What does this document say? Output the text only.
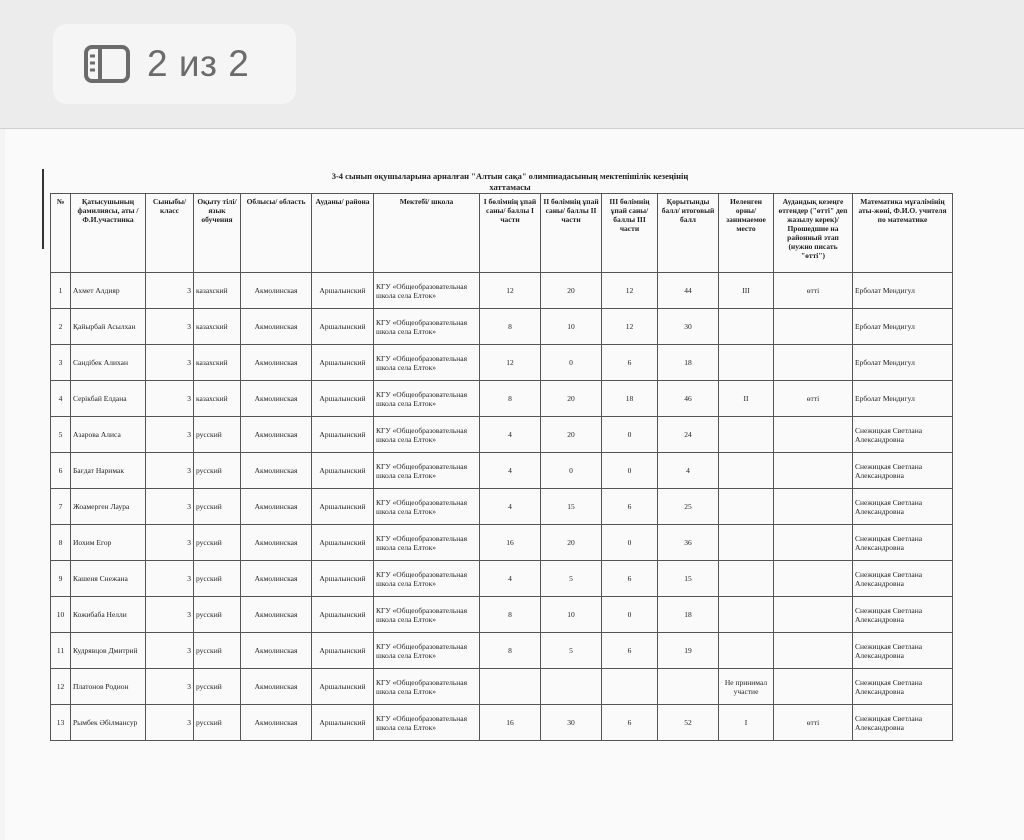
2 из 2
3-4 сынып оқушыларына арналған "Алтын сақа" олимпиадасының мектепішілік кезеңінің
хаттамасы
№	Қатысушының фамилиясы, аты /Ф.И.участника	Сыныбы/класс	Оқыту тілі/ язык обучения	Облысы/ область	Ауданы/ района	Мектебі/ школа	I бөлімнің ұпай саны/ баллы I части	II бөлімнің ұпай саны/ баллы II части	III бөлімнің ұпай саны/ баллы III части	Қорытынды балл/ итоговый балл	Иеленген орны/ занимаемое место	Аудандық кезеңге өтгендер ("өтті" деп жазылу керек)/ Прошедшие на районный этап (нужно писать "өтті")	Математика мұғалімінің аты-жөні, Ф.И.О. учителя по математике
1	Ахмет Алдияр	3	казахский	Акмолинская	Аршалынский	КГУ «Общеобразовательная школа села Елток»	12	20	12	44	III	өтті	Ерболат Мендигул
2	Қайырбай Асылхан	3	казахский	Акмолинская	Аршалынский	КГУ «Общеобразовательная школа села Елток»	8	10	12	30			Ерболат Мендигул
3	Сандібек Алихан	3	казахский	Акмолинская	Аршалынский	КГУ «Общеобразовательная школа села Елток»	12	0	6	18			Ерболат Мендигул
4	Серікбай Елдана	3	казахский	Акмолинская	Аршалынский	КГУ «Общеобразовательная школа села Елток»	8	20	18	46	II	өтті	Ерболат Мендигул
5	Азарова Алиса	3	русский	Акмолинская	Аршалынский	КГУ «Общеобразовательная школа села Елток»	4	20	0	24			Снежицкая Светлана Александровна
6	Бағдат Наримак	3	русский	Акмолинская	Аршалынский	КГУ «Общеобразовательная школа села Елток»	4	0	0	4			Снежицкая Светлана Александровна
7	Жоамерген Лаура	3	русский	Акмолинская	Аршалынский	КГУ «Общеобразовательная школа села Елток»	4	15	6	25			Снежицкая Светлана Александровна
8	Иохим Егор	3	русский	Акмолинская	Аршалынский	КГУ «Общеобразовательная школа села Елток»	16	20	0	36			Снежицкая Светлана Александровна
9	Кашеня Снежана	3	русский	Акмолинская	Аршалынский	КГУ «Общеобразовательная школа села Елток»	4	5	6	15			Снежицкая Светлана Александровна
10	Кожибаба Нелли	3	русский	Акмолинская	Аршалынский	КГУ «Общеобразовательная школа села Елток»	8	10	0	18			Снежицкая Светлана Александровна
11	Кудрявцов Дмитрий	3	русский	Акмолинская	Аршалынский	КГУ «Общеобразовательная школа села Елток»	8	5	6	19			Снежицкая Светлана Александровна
12	Платонов Родион	3	русский	Акмолинская	Аршалынский	КГУ «Общеобразовательная школа села Елток»					Не принимал участие		Снежицкая Светлана Александровна
13	Рымбек Әбілмансур	3	русский	Акмолинская	Аршалынский	КГУ «Общеобразовательная школа села Елток»	16	30	6	52	I	өтті	Снежицкая Светлана Александровна
